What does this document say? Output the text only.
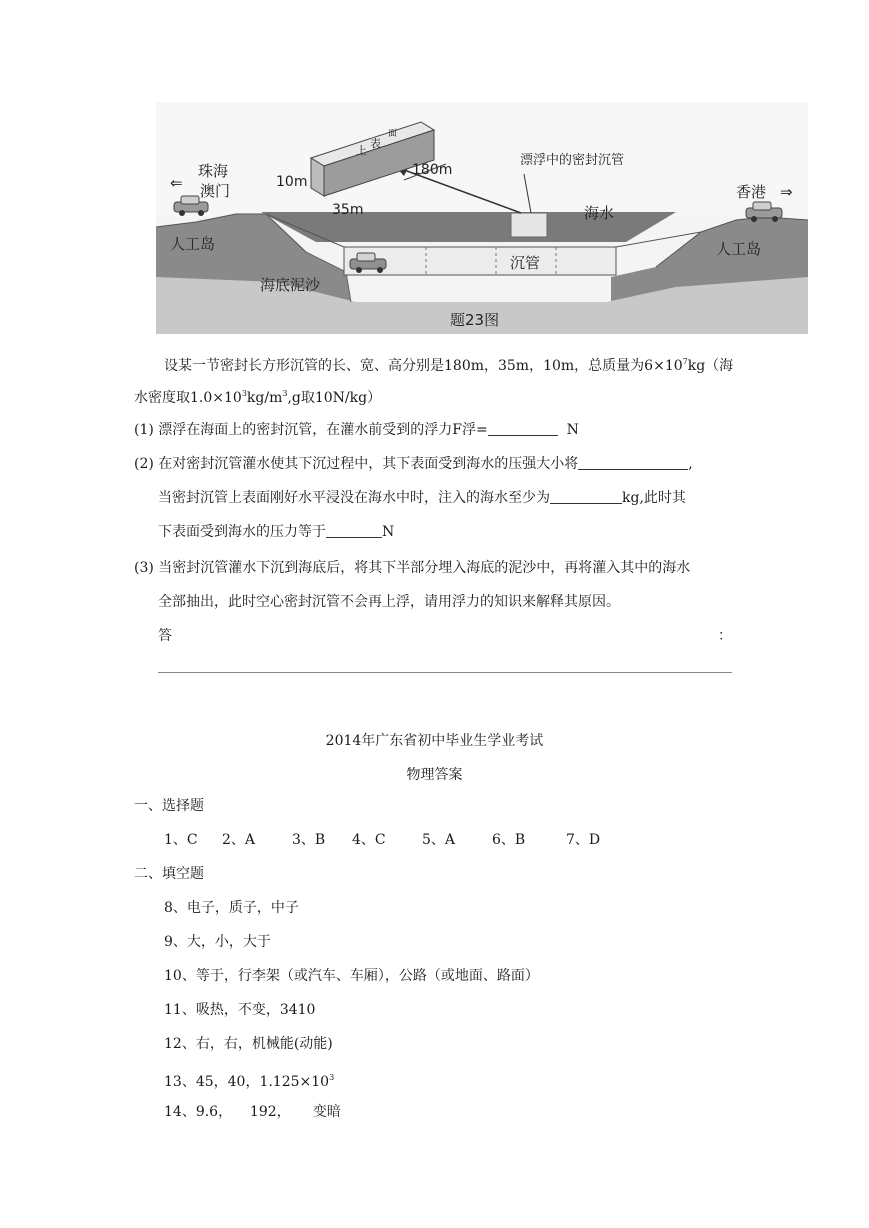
珠海
澳门
⇐	香港 ⇒
人工岛	人工岛
海底泥沙
海水
沉管
漂浮中的密封沉管
上
表
面
180m
35m
10m
题23图
设某一节密封长方形沉管的长、宽、高分别是180m，35m，10m，总质量为$6\times 10^7kg$（海
水密度取$1.0\times 10^3kg/m^3,g$取10N/kg）
(1) 漂浮在海面上的密封沉管，在灌水前受到的浮力F浮=	N
(2) 在对密封沉管灌水使其下沉过程中，其下表面受到海水的压强大小将	,
当密封沉管上表面刚好水平浸没在海水中时，注入的海水至少为	kg,此时其
下表面受到海水的压力等于	N
(3) 当密封沉管灌水下沉到海底后，将其下半部分埋入海底的泥沙中，再将灌入其中的海水
全部抽出，此时空心密封沉管不会再上浮，请用浮力的知识来解释其原因。
答	：
2014年广东省初中毕业生学业考试
物理答案
一、选择题
1、C 2、A	3、B 4、C	5、A	6、B	7、D
二、填空题
8、电子，质子，中子
9、大，小，大于
10、等于，行李架（或汽车、车厢），公路（或地面、路面）
11、吸热，不变，3410
12、右，右，机械能(动能)
13、45，40，$1.125\times 10^3$
14、9.6， 192， 变暗
